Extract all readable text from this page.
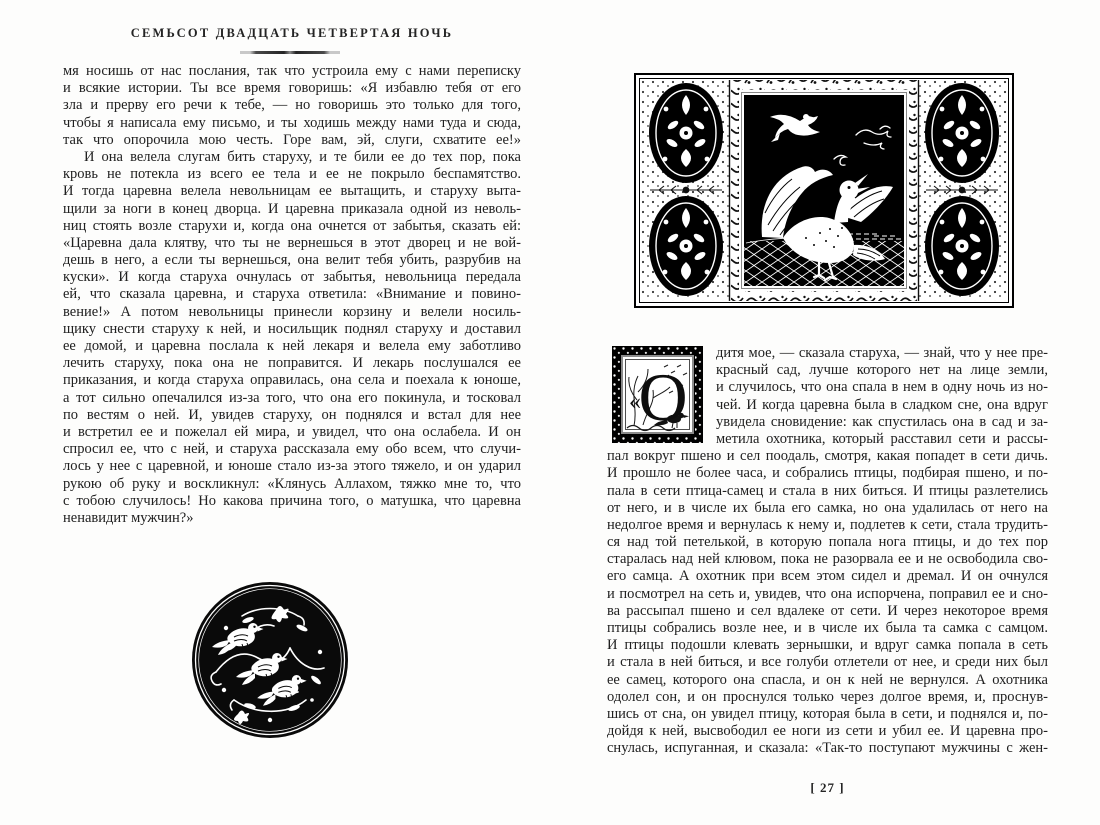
СЕМЬСОТ ДВАДЦАТЬ ЧЕТВЕРТАЯ НОЧЬ
мя носишь от нас послания, так что устроила ему с нами переписку
и всякие истории. Ты все время говоришь: «Я избавлю тебя от его
зла и прерву его речи к тебе, — но говоришь это только для того,
чтобы я написала ему письмо, и ты ходишь между нами туда и сюда,
так что опорочила мою честь. Горе вам, эй, слуги, схватите ее!»
И она велела слугам бить старуху, и те били ее до тех пор, пока
кровь не потекла из всего ее тела и ее не покрыло беспамятство.
И тогда царевна велела невольницам ее вытащить, и старуху выта-
щили за ноги в конец дворца. И царевна приказала одной из неволь-
ниц стоять возле старухи и, когда она очнется от забытья, сказать ей:
«Царевна дала клятву, что ты не вернешься в этот дворец и не вой-
дешь в него, а если ты вернешься, она велит тебя убить, разрубив на
куски». И когда старуха очнулась от забытья, невольница передала
ей, что сказала царевна, и старуха ответила: «Внимание и повино-
вение!» А потом невольницы принесли корзину и велели носиль-
щику снести старуху к ней, и носильщик поднял старуху и доставил
ее домой, и царевна послала к ней лекаря и велела ему заботливо
лечить старуху, пока она не поправится. И лекарь послушался ее
приказания, и когда старуха оправилась, она села и поехала к юноше,
а тот сильно опечалился из-за того, что она его покинула, и тосковал
по вестям о ней. И, увидев старуху, он поднялся и встал для нее
и встретил ее и пожелал ей мира, и увидел, что она ослабела. И он
спросил ее, что с ней, и старуха рассказала ему обо всем, что случи-
лось у нее с царевной, и юноше стало из-за этого тяжело, и он ударил
рукою об руку и воскликнул: «Клянусь Аллахом, тяжко мне то, что
с тобою случилось! Но какова причина того, о матушка, что царевна
ненавидит мужчин?»
«
О
дитя мое, — сказала старуха, — знай, что у нее пре-
красный сад, лучше которого нет на лице земли,
и случилось, что она спала в нем в одну ночь из но-
чей. И когда царевна была в сладком сне, она вдруг
увидела сновидение: как спустилась она в сад и за-
метила охотника, который расставил сети и рассы-
пал вокруг пшено и сел поодаль, смотря, какая попадет в сети дичь.
И прошло не более часа, и собрались птицы, подбирая пшено, и по-
пала в сети птица-самец и стала в них биться. И птицы разлетелись
от него, и в числе их была его самка, но она удалилась от него на
недолгое время и вернулась к нему и, подлетев к сети, стала трудить-
ся над той петелькой, в которую попала нога птицы, и до тех пор
старалась над ней клювом, пока не разорвала ее и не освободила сво-
его самца. А охотник при всем этом сидел и дремал. И он очнулся
и посмотрел на сеть и, увидев, что она испорчена, поправил ее и сно-
ва рассыпал пшено и сел вдалеке от сети. И через некоторое время
птицы собрались возле нее, и в числе их была та самка с самцом.
И птицы подошли клевать зернышки, и вдруг самка попала в сеть
и стала в ней биться, и все голуби отлетели от нее, и среди них был
ее самец, которого она спасла, и он к ней не вернулся. А охотника
одолел сон, и он проснулся только через долгое время, и, проснув-
шись от сна, он увидел птицу, которая была в сети, и поднялся и, по-
дойдя к ней, высвободил ее ноги из сети и убил ее. И царевна про-
снулась, испуганная, и сказала: «Так-то поступают мужчины с жен-
[ 27 ]
